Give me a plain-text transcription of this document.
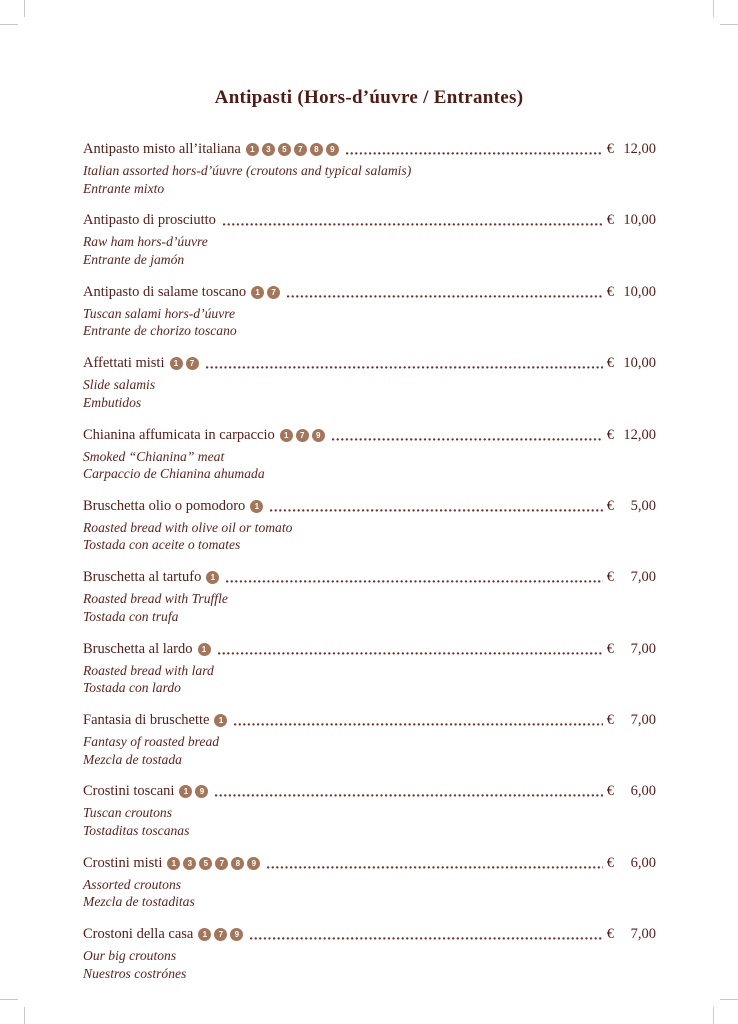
Antipasti (Hors-d’úuvre / Entrantes)
Antipasto misto all’italiana	1	3	5	7	8	9	€ 12,00
Italian assorted hors-d’úuvre (croutons and typical salamis)
Entrante mixto
Antipasto di prosciutto	€ 10,00
Raw ham hors-d’úuvre
Entrante de jamón
Antipasto di salame toscano	1	7	€ 10,00
Tuscan salami hors-d’úuvre
Entrante de chorizo toscano
Affettati misti	1	7	€ 10,00
Slide salamis
Embutidos
Chianina affumicata in carpaccio	1	7	9	€ 12,00
Smoked “Chianina” meat
Carpaccio de Chianina ahumada
Bruschetta olio o pomodoro	1	€	5,00
Roasted bread with olive oil or tomato
Tostada con aceite o tomates
Bruschetta al tartufo	1	€	7,00
Roasted bread with Truffle
Tostada con trufa
Bruschetta al lardo	1	€	7,00
Roasted bread with lard
Tostada con lardo
Fantasia di bruschette	1	€	7,00
Fantasy of roasted bread
Mezcla de tostada
Crostini toscani	1	9	€	6,00
Tuscan croutons
Tostaditas toscanas
Crostini misti	1	3	5	7	8	9	€	6,00
Assorted croutons
Mezcla de tostaditas
Crostoni della casa	1	7	9	€	7,00
Our big croutons
Nuestros costrónes
